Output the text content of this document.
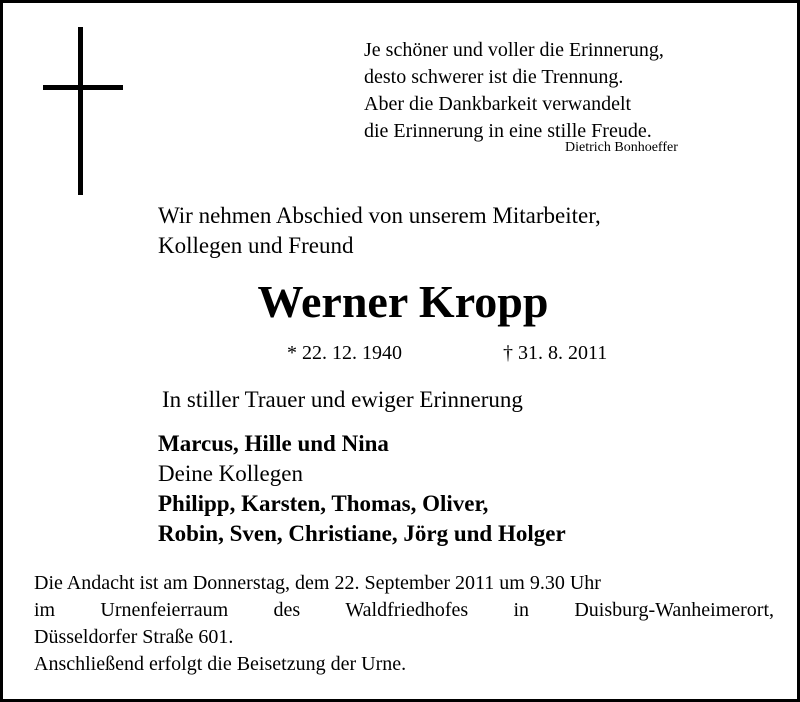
Je schöner und voller die Erinnerung,
desto schwerer ist die Trennung.
Aber die Dankbarkeit verwandelt
die Erinnerung in eine stille Freude.
Dietrich Bonhoeffer
Wir nehmen Abschied von unserem Mitarbeiter,
Kollegen und Freund
Werner Kropp
* 22. 12. 1940	† 31. 8. 2011
In stiller Trauer und ewiger Erinnerung
Marcus, Hille und Nina
Deine Kollegen
Philipp, Karsten, Thomas, Oliver,
Robin, Sven, Christiane, Jörg und Holger
Die Andacht ist am Donnerstag, dem 22. September 2011 um 9.30 Uhr
im Urnenfeierraum des Waldfriedhofes in Duisburg-Wanheimerort,
Düsseldorfer Straße 601.
Anschließend erfolgt die Beisetzung der Urne.
